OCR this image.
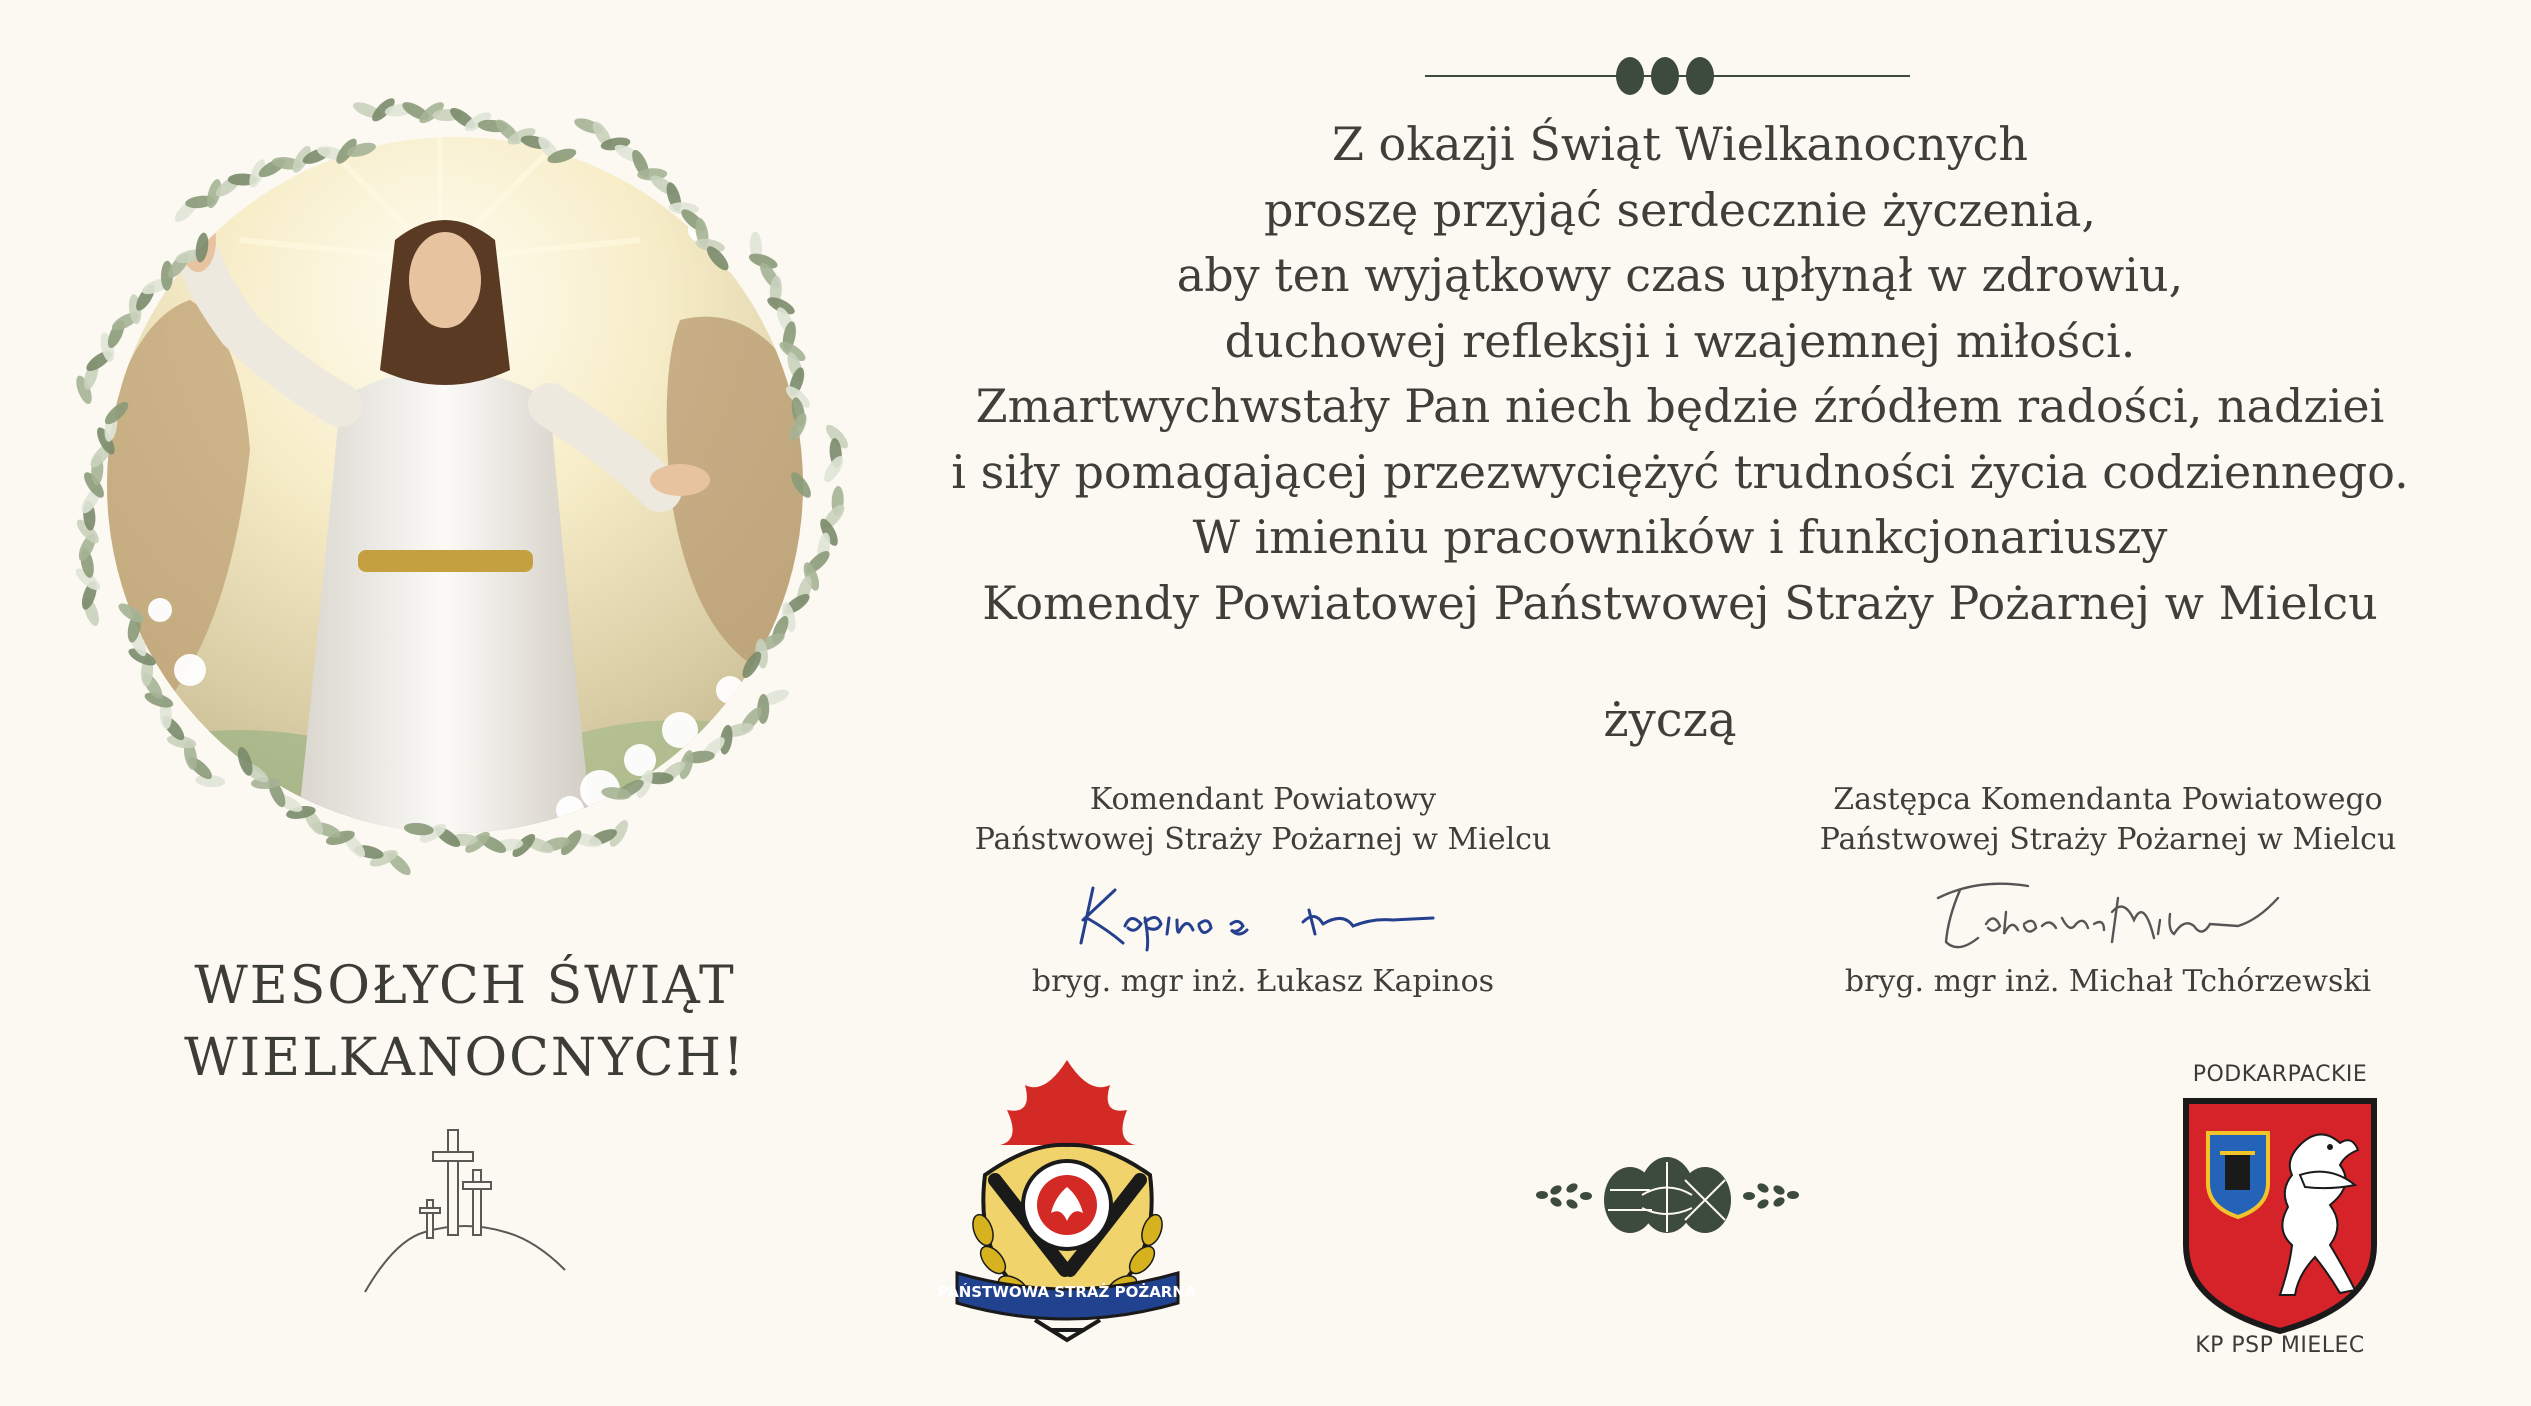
WESOŁYCH ŚWIĄT
WIELKANOCNYCH!
Z okazji Świąt Wielkanocnych
proszę przyjąć serdecznie życzenia,
aby ten wyjątkowy czas upłynął w zdrowiu,
duchowej refleksji i wzajemnej miłości.
Zmartwychwstały Pan niech będzie źródłem radości, nadziei
i siły pomagającej przezwyciężyć trudności życia codziennego.
W imieniu pracowników i funkcjonariuszy
Komendy Powiatowej Państwowej Straży Pożarnej w Mielcu
życzą
Komendant Powiatowy
Państwowej Straży Pożarnej w Mielcu
bryg. mgr inż. Łukasz Kapinos
Zastępca Komendanta Powiatowego
Państwowej Straży Pożarnej w Mielcu
bryg. mgr inż. Michał Tchórzewski
PAŃSTWOWA STRAŻ POŻARNA
PODKARPACKIE
KP PSP MIELEC
